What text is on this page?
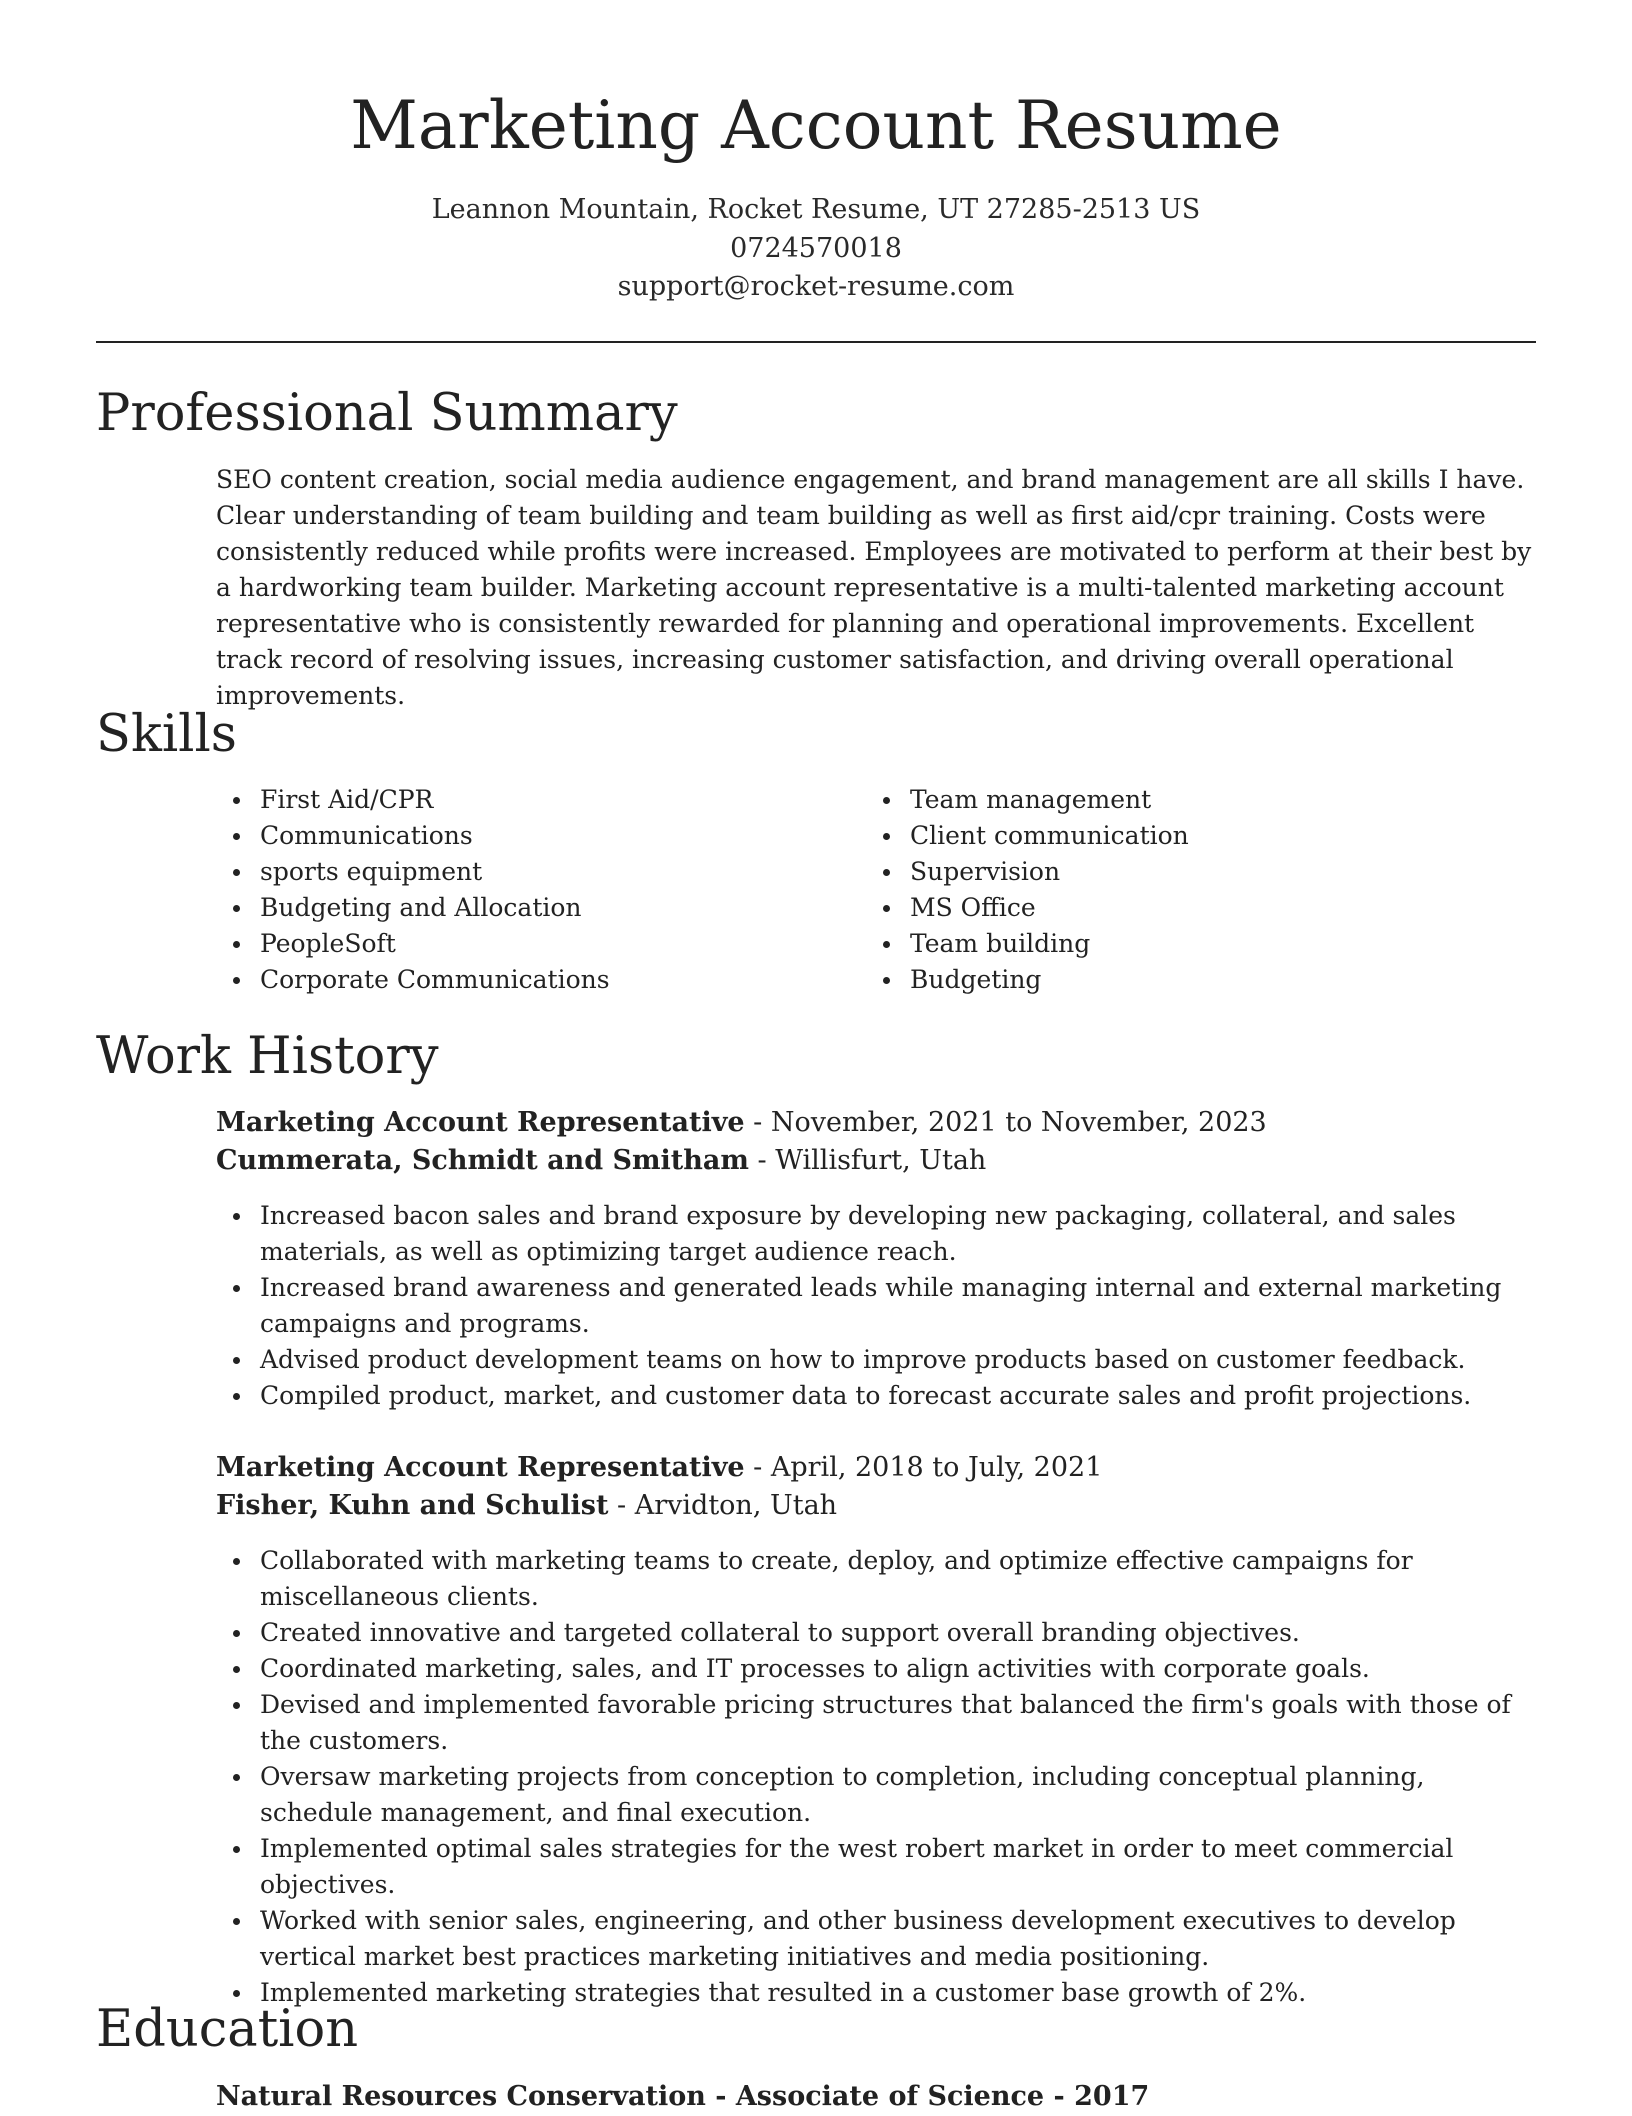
Marketing Account Resume
Leannon Mountain, Rocket Resume, UT 27285-2513 US
0724570018
support@rocket-resume.com
Professional Summary

SEO content creation, social media audience engagement, and brand management are all skills I have. Clear understanding of team building and team building as well as first aid/cpr training. Costs were consistently reduced while profits were increased. Employees are motivated to perform at their best by a hardworking team builder. Marketing account representative is a multi-talented marketing account representative who is consistently rewarded for planning and operational improvements. Excellent track record of resolving issues, increasing customer satisfaction, and driving overall operational improvements.

Skills
First Aid/CPR
Communications
sports equipment
Budgeting and Allocation
PeopleSoft
Corporate Communications
Team management
Client communication
Supervision
MS Office
Team building
Budgeting
Work History
Marketing Account Representative - November, 2021 to November, 2023
Cummerata, Schmidt and Smitham - Willisfurt, Utah
Increased bacon sales and brand exposure by developing new packaging, collateral, and sales materials, as well as optimizing target audience reach.
Increased brand awareness and generated leads while managing internal and external marketing campaigns and programs.
Advised product development teams on how to improve products based on customer feedback.
Compiled product, market, and customer data to forecast accurate sales and profit projections.
Marketing Account Representative - April, 2018 to July, 2021
Fisher, Kuhn and Schulist - Arvidton, Utah
Collaborated with marketing teams to create, deploy, and optimize effective campaigns for miscellaneous clients.
Created innovative and targeted collateral to support overall branding objectives.
Coordinated marketing, sales, and IT processes to align activities with corporate goals.
Devised and implemented favorable pricing structures that balanced the firm's goals with those of the customers.
Oversaw marketing projects from conception to completion, including conceptual planning, schedule management, and final execution.
Implemented optimal sales strategies for the west robert market in order to meet commercial objectives.
Worked with senior sales, engineering, and other business development executives to develop vertical market best practices marketing initiatives and media positioning.
Implemented marketing strategies that resulted in a customer base growth of 2%.
Education
Natural Resources Conservation - Associate of Science - 2017
